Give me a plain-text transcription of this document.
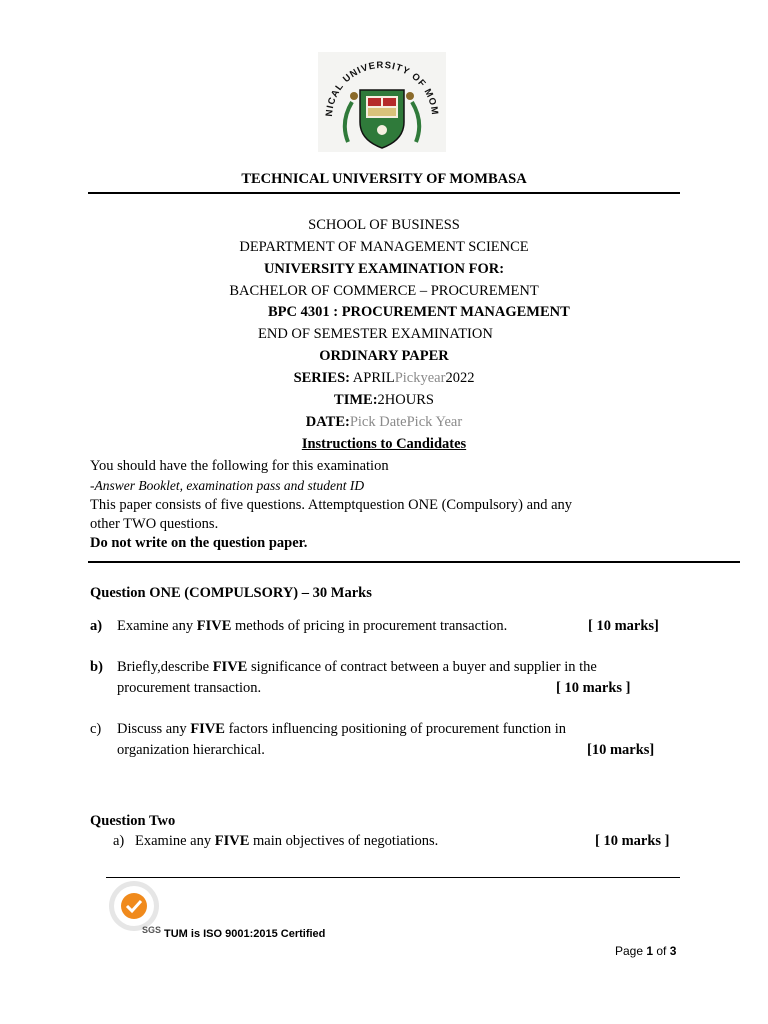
NICAL UNIVERSITY OF MOM
TECHNICAL UNIVERSITY OF MOMBASA
SCHOOL OF BUSINESS
DEPARTMENT OF MANAGEMENT SCIENCE
UNIVERSITY EXAMINATION FOR:
BACHELOR OF COMMERCE – PROCUREMENT
BPC 4301 : PROCUREMENT MANAGEMENT
END OF SEMESTER EXAMINATION
ORDINARY PAPER
SERIES: APRILPickyear2022
TIME:2HOURS
DATE:Pick DatePick Year
Instructions to Candidates
You should have the following for this examination
-Answer Booklet, examination pass and student ID
This paper consists of five questions. Attemptquestion ONE (Compulsory) and any
other TWO questions.
Do not write on the question paper.
Question ONE (COMPULSORY) – 30 Marks
a) Examine any FIVE methods of pricing in procurement transaction.	[ 10 marks]
b) Briefly,describe FIVE significance of contract between a buyer and supplier in the
procurement transaction.	[ 10 marks ]
c) Discuss any FIVE factors influencing positioning of procurement function in
organization hierarchical.	[10 marks]
Question Two
a) Examine any FIVE main objectives of negotiations.	[ 10 marks ]
SGS TUM is ISO 9001:2015 Certified
Page 1 of 3
